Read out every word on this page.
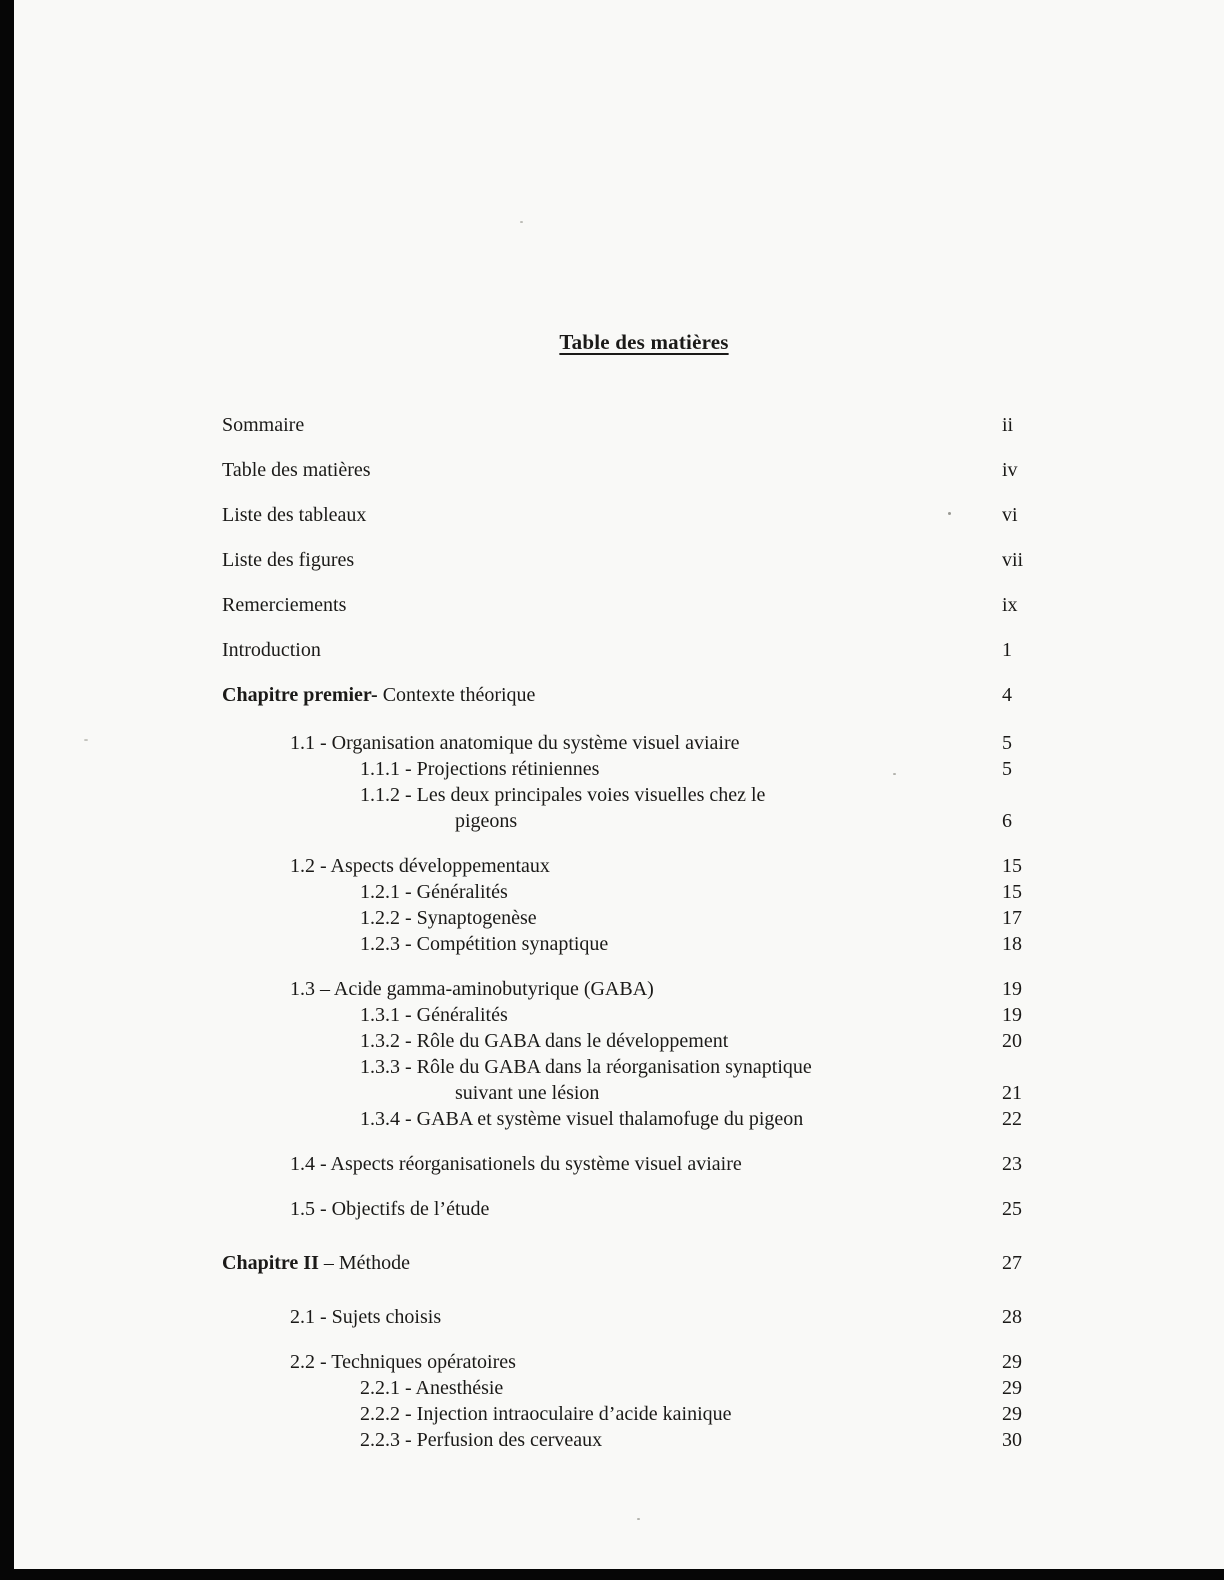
Table des matières
Sommaire	ii
Table des matières	iv
Liste des tableaux	vi
Liste des figures	vii
Remerciements	ix
Introduction	1
Chapitre premier- Contexte théorique	4
1.1 - Organisation anatomique du système visuel aviaire	5
1.1.1 - Projections rétiniennes	5
1.1.2 - Les deux principales voies visuelles chez le
pigeons	6
1.2 - Aspects développementaux	15
1.2.1 - Généralités	15
1.2.2 - Synaptogenèse	17
1.2.3 - Compétition synaptique	18
1.3 – Acide gamma-aminobutyrique (GABA)	19
1.3.1 - Généralités	19
1.3.2 - Rôle du GABA dans le développement	20
1.3.3 - Rôle du GABA dans la réorganisation synaptique
suivant une lésion	21
1.3.4 - GABA et système visuel thalamofuge du pigeon	22
1.4 - Aspects réorganisationels du système visuel aviaire	23
1.5 - Objectifs de l’étude	25
Chapitre II – Méthode	27
2.1 - Sujets choisis	28
2.2 - Techniques opératoires	29
2.2.1 - Anesthésie	29
2.2.2 - Injection intraoculaire d’acide kainique	29
2.2.3 - Perfusion des cerveaux	30
